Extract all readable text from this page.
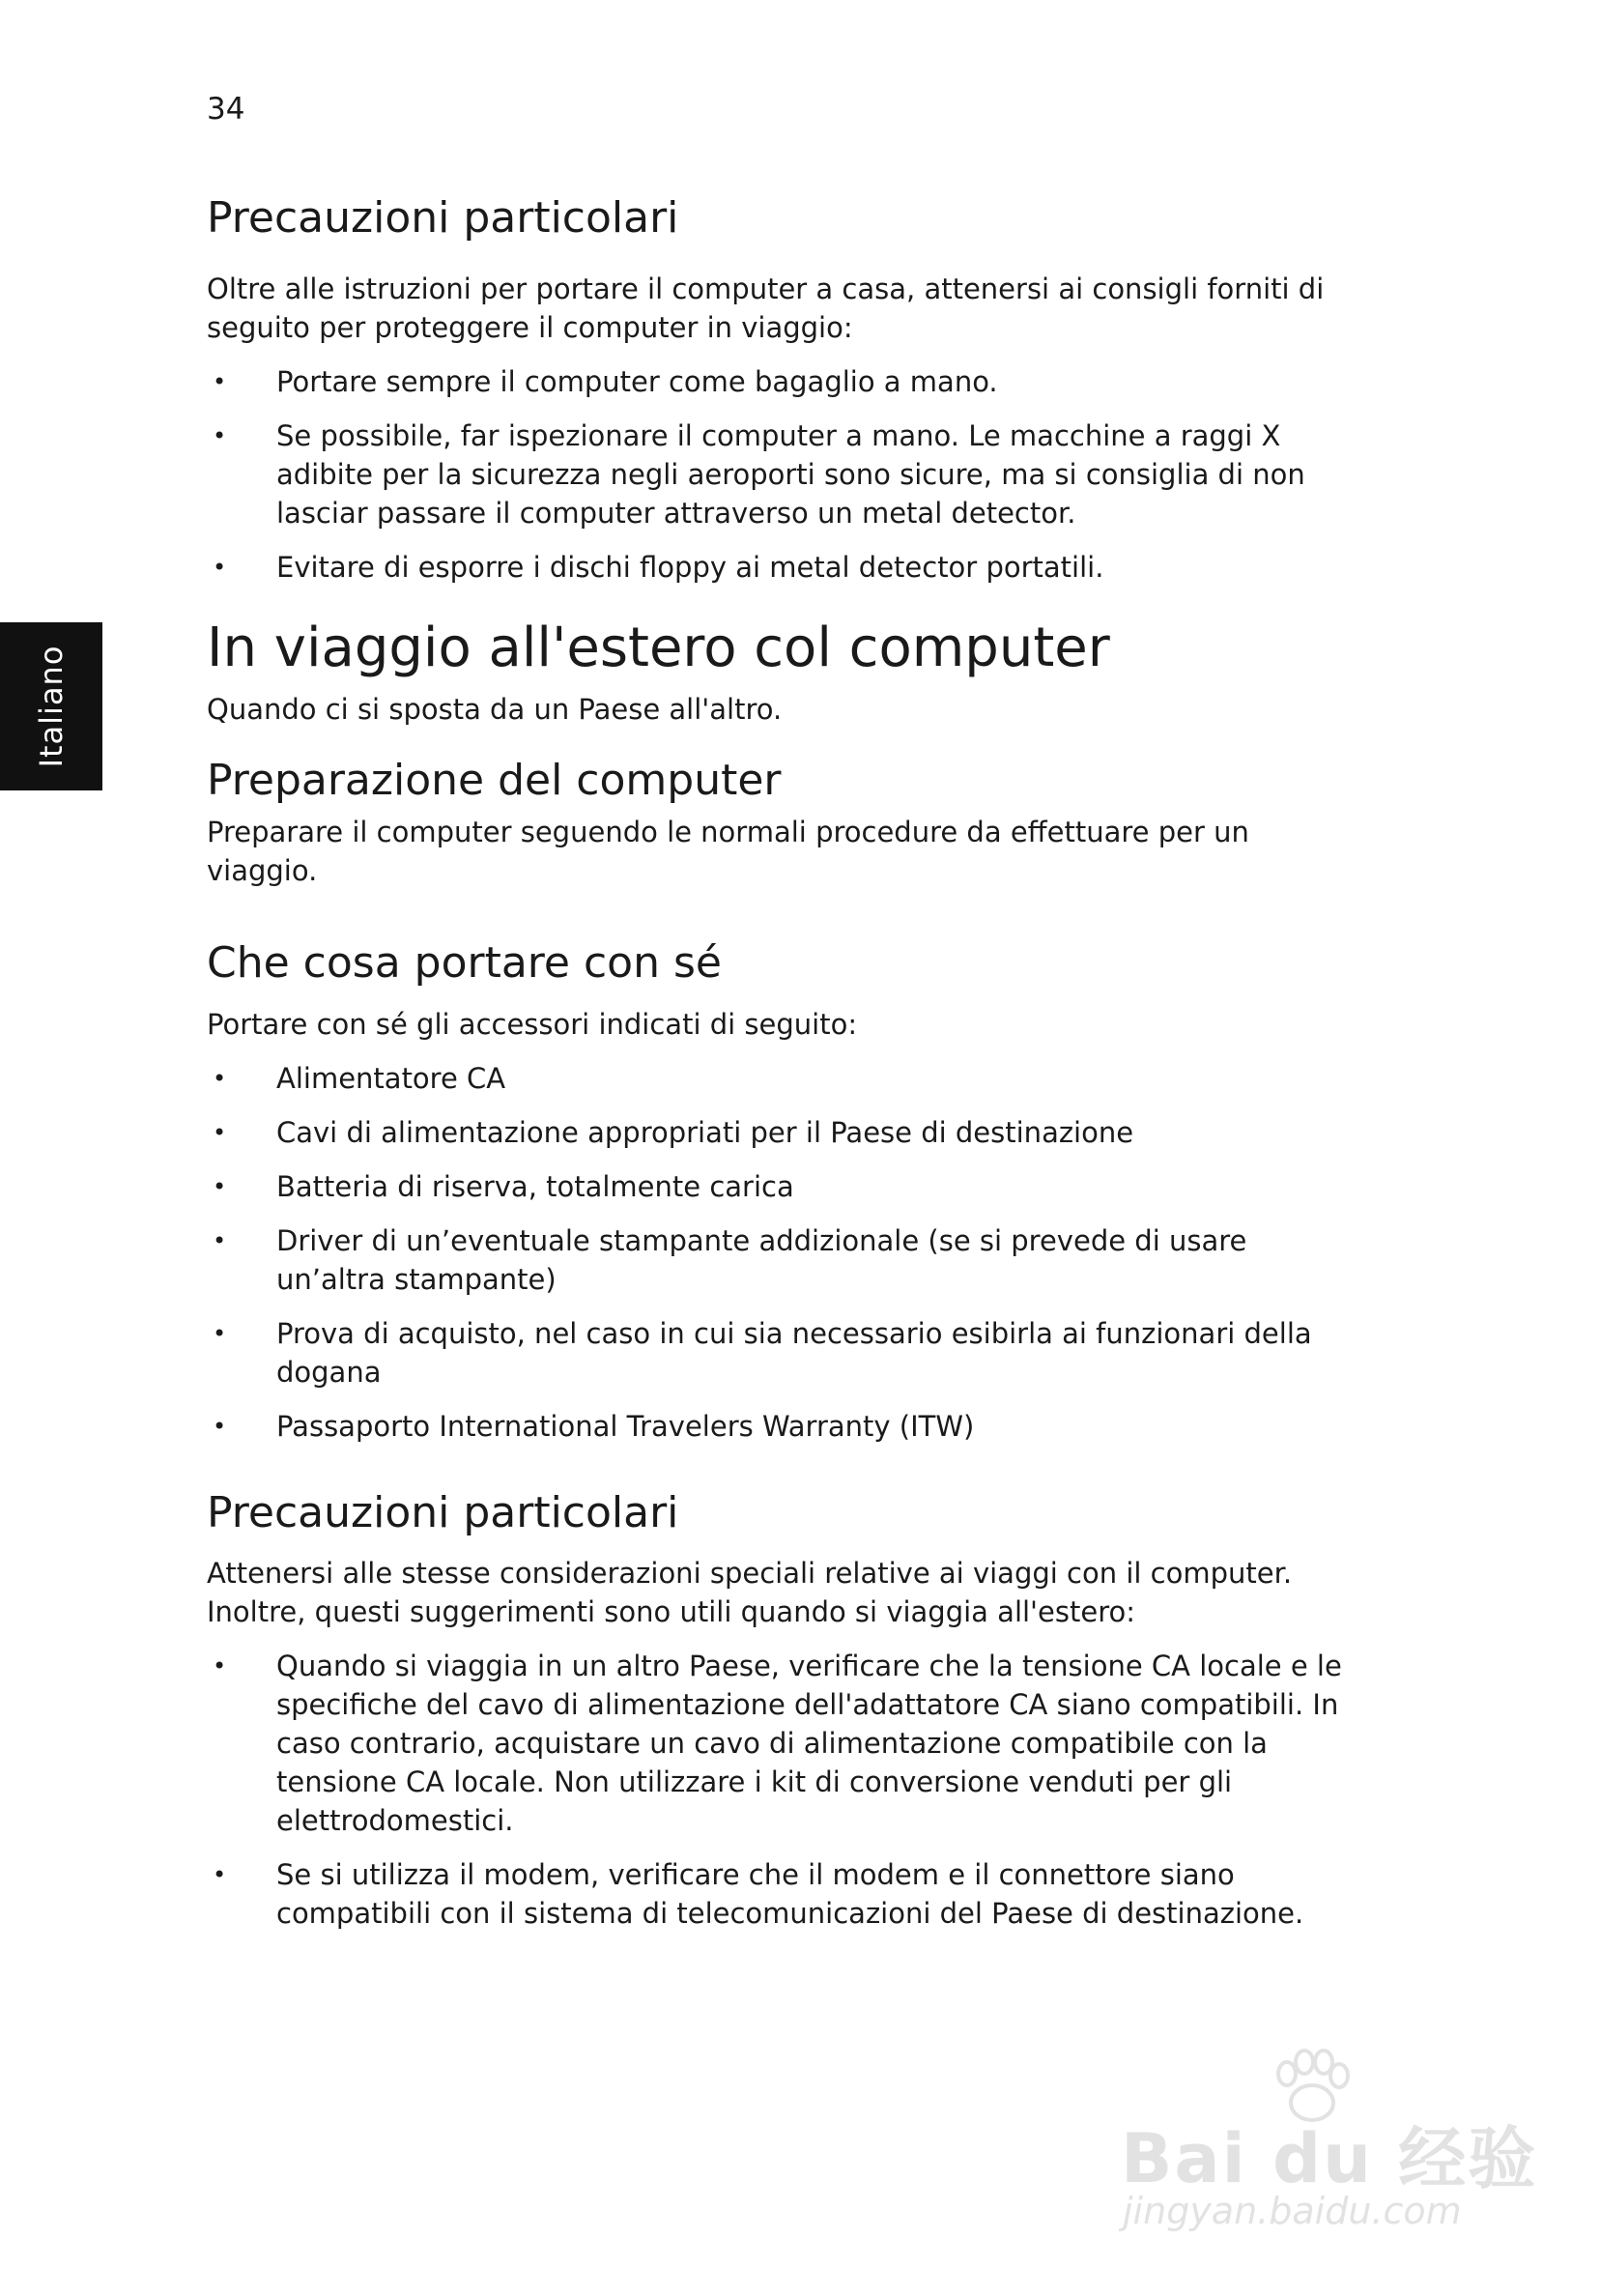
34
Italiano
Precauzioni particolari

Oltre alle istruzioni per portare il computer a casa, attenersi ai consigli forniti di seguito per proteggere il computer in viaggio:

• Portare sempre il computer come bagaglio a mano.
• Se possibile, far ispezionare il computer a mano. Le macchine a raggi X adibite per la sicurezza negli aeroporti sono sicure, ma si consiglia di non lasciar passare il computer attraverso un metal detector.
• Evitare di esporre i dischi floppy ai metal detector portatili.
In viaggio all'estero col computer

Quando ci si sposta da un Paese all'altro.

Preparazione del computer

Preparare il computer seguendo le normali procedure da effettuare per un viaggio.

Che cosa portare con sé

Portare con sé gli accessori indicati di seguito:

• Alimentatore CA
• Cavi di alimentazione appropriati per il Paese di destinazione
• Batteria di riserva, totalmente carica
• Driver di un’eventuale stampante addizionale (se si prevede di usare un’altra stampante)
• Prova di acquisto, nel caso in cui sia necessario esibirla ai funzionari della dogana
• Passaporto International Travelers Warranty (ITW)
Precauzioni particolari

Attenersi alle stesse considerazioni speciali relative ai viaggi con il computer. Inoltre, questi suggerimenti sono utili quando si viaggia all'estero:

• Quando si viaggia in un altro Paese, verificare che la tensione CA locale e le specifiche del cavo di alimentazione dell'adattatore CA siano compatibili. In caso contrario, acquistare un cavo di alimentazione compatibile con la tensione CA locale. Non utilizzare i kit di conversione venduti per gli elettrodomestici.
• Se si utilizza il modem, verificare che il modem e il connettore siano compatibili con il sistema di telecomunicazioni del Paese di destinazione.
Bai du 经验
jingyan.baidu.com
